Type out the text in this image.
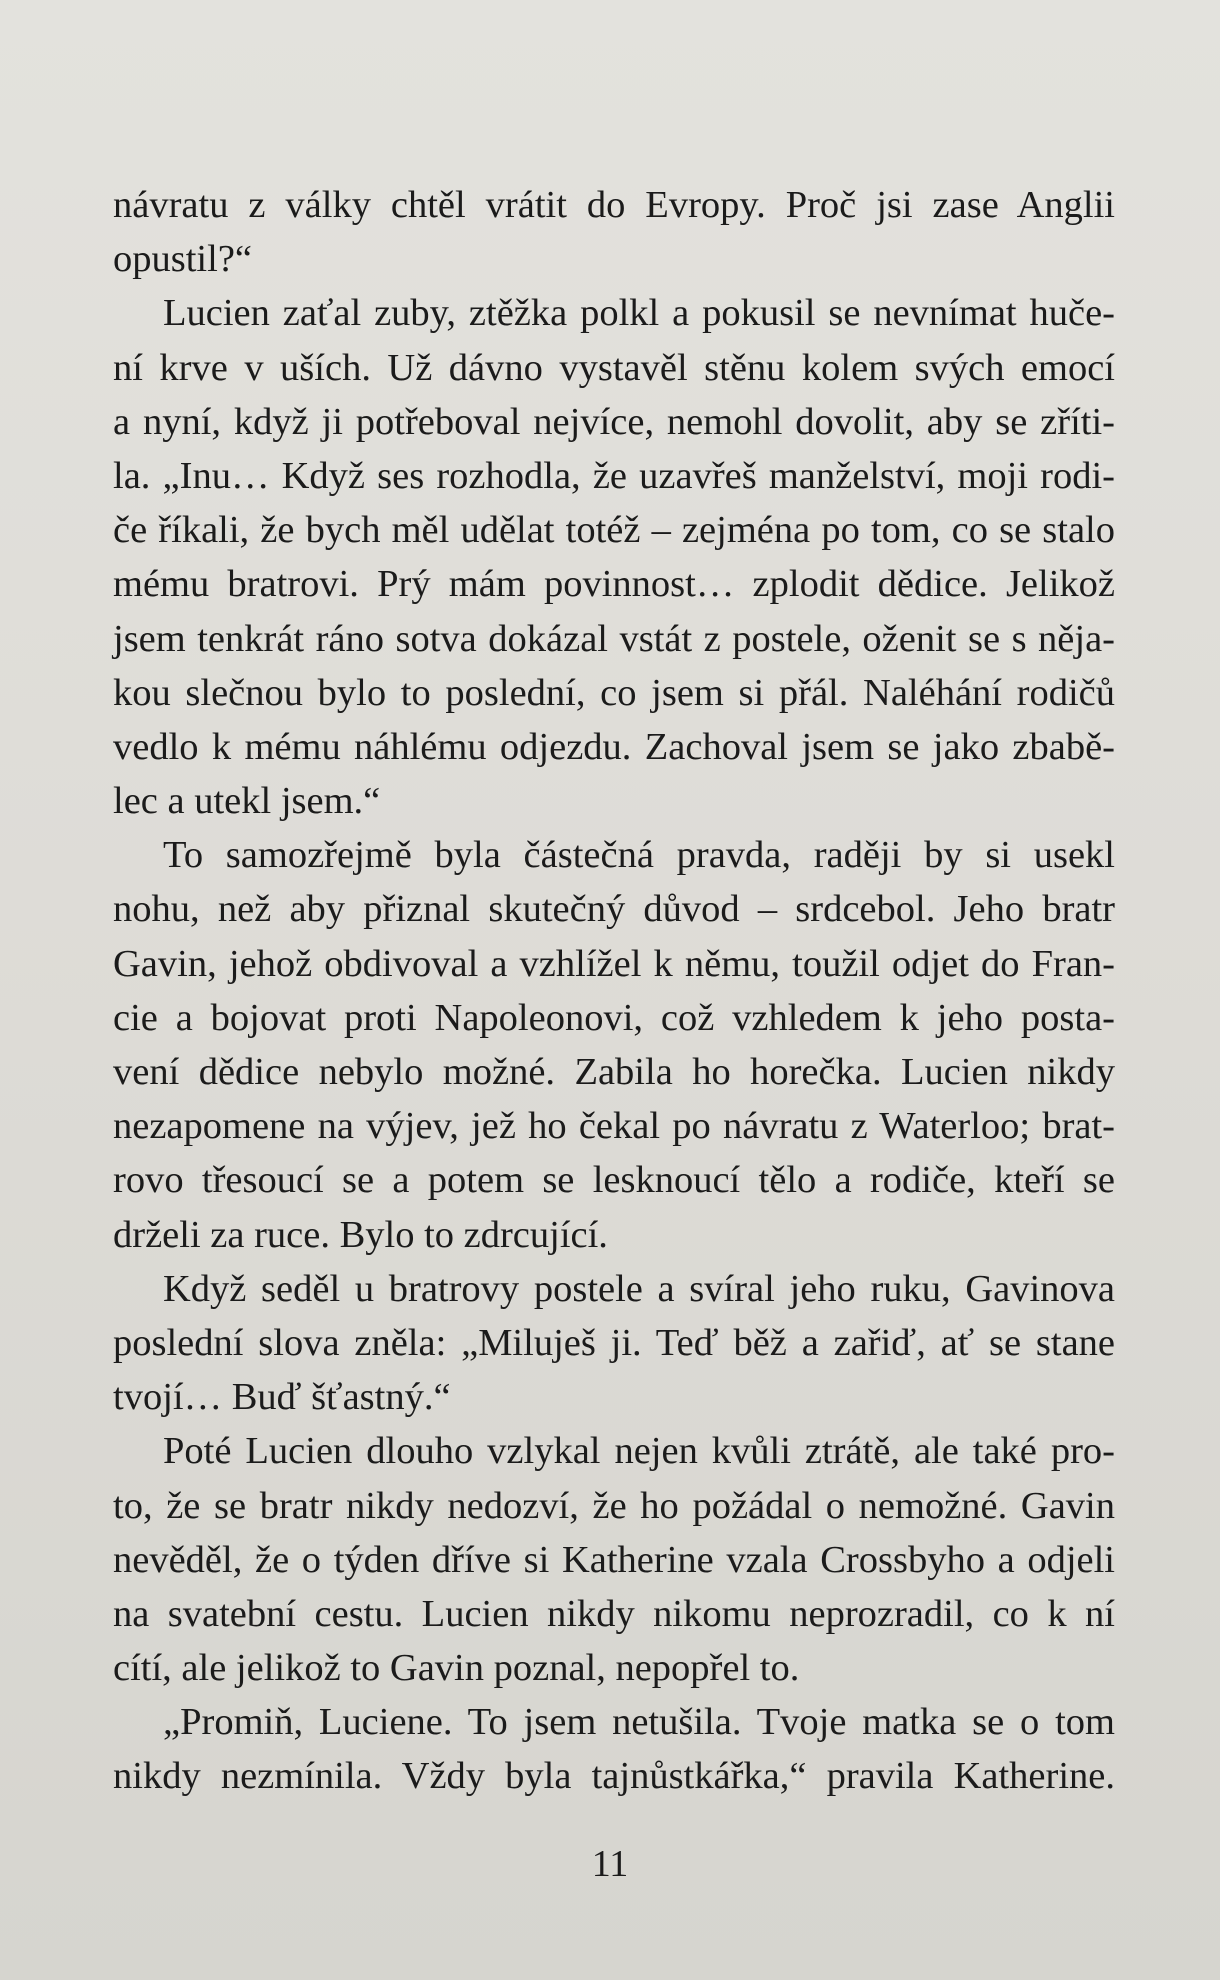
návratu z války chtěl vrátit do Evropy. Proč jsi zase Anglii
opustil?“
Lucien zaťal zuby, ztěžka polkl a pokusil se nevnímat huče-
ní krve v uších. Už dávno vystavěl stěnu kolem svých emocí
a nyní, když ji potřeboval nejvíce, nemohl dovolit, aby se zříti-
la. „Inu… Když ses rozhodla, že uzavřeš manželství, moji rodi-
če říkali, že bych měl udělat totéž – zejména po tom, co se stalo
mému bratrovi. Prý mám povinnost… zplodit dědice. Jelikož
jsem tenkrát ráno sotva dokázal vstát z postele, oženit se s něja-
kou slečnou bylo to poslední, co jsem si přál. Naléhání rodičů
vedlo k mému náhlému odjezdu. Zachoval jsem se jako zbabě-
lec a utekl jsem.“
To samozřejmě byla částečná pravda, raději by si usekl
nohu, než aby přiznal skutečný důvod – srdcebol. Jeho bratr
Gavin, jehož obdivoval a vzhlížel k němu, toužil odjet do Fran-
cie a bojovat proti Napoleonovi, což vzhledem k jeho posta-
vení dědice nebylo možné. Zabila ho horečka. Lucien nikdy
nezapomene na výjev, jež ho čekal po návratu z Waterloo; brat-
rovo třesoucí se a potem se lesknoucí tělo a rodiče, kteří se
drželi za ruce. Bylo to zdrcující.
Když seděl u bratrovy postele a svíral jeho ruku, Gavinova
poslední slova zněla: „Miluješ ji. Teď běž a zařiď, ať se stane
tvojí… Buď šťastný.“
Poté Lucien dlouho vzlykal nejen kvůli ztrátě, ale také pro-
to, že se bratr nikdy nedozví, že ho požádal o nemožné. Gavin
nevěděl, že o týden dříve si Katherine vzala Crossbyho a odjeli
na svatební cestu. Lucien nikdy nikomu neprozradil, co k ní
cítí, ale jelikož to Gavin poznal, nepopřel to.
„Promiň, Luciene. To jsem netušila. Tvoje matka se o tom
nikdy nezmínila. Vždy byla tajnůstkářka,“ pravila Katherine.
11
